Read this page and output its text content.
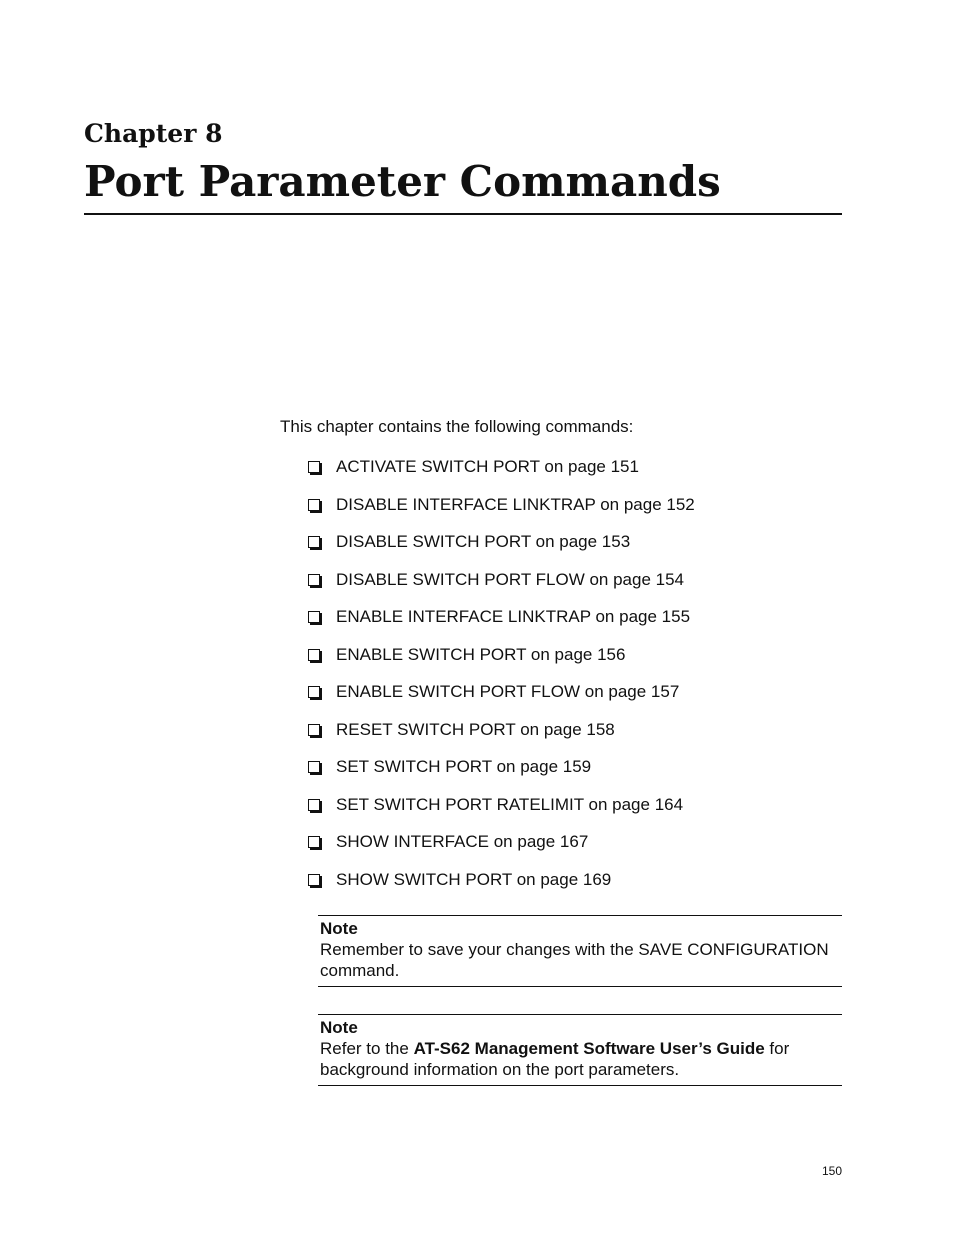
Chapter 8
Port Parameter Commands

This chapter contains the following commands:

ACTIVATE SWITCH PORT on page 151
DISABLE INTERFACE LINKTRAP on page 152
DISABLE SWITCH PORT on page 153
DISABLE SWITCH PORT FLOW on page 154
ENABLE INTERFACE LINKTRAP on page 155
ENABLE SWITCH PORT on page 156
ENABLE SWITCH PORT FLOW on page 157
RESET SWITCH PORT on page 158
SET SWITCH PORT on page 159
SET SWITCH PORT RATELIMIT on page 164
SHOW INTERFACE on page 167
SHOW SWITCH PORT on page 169
Note
Remember to save your changes with the SAVE CONFIGURATION command.
Note
Refer to the AT-S62 Management Software User’s Guide for background information on the port parameters.
150
